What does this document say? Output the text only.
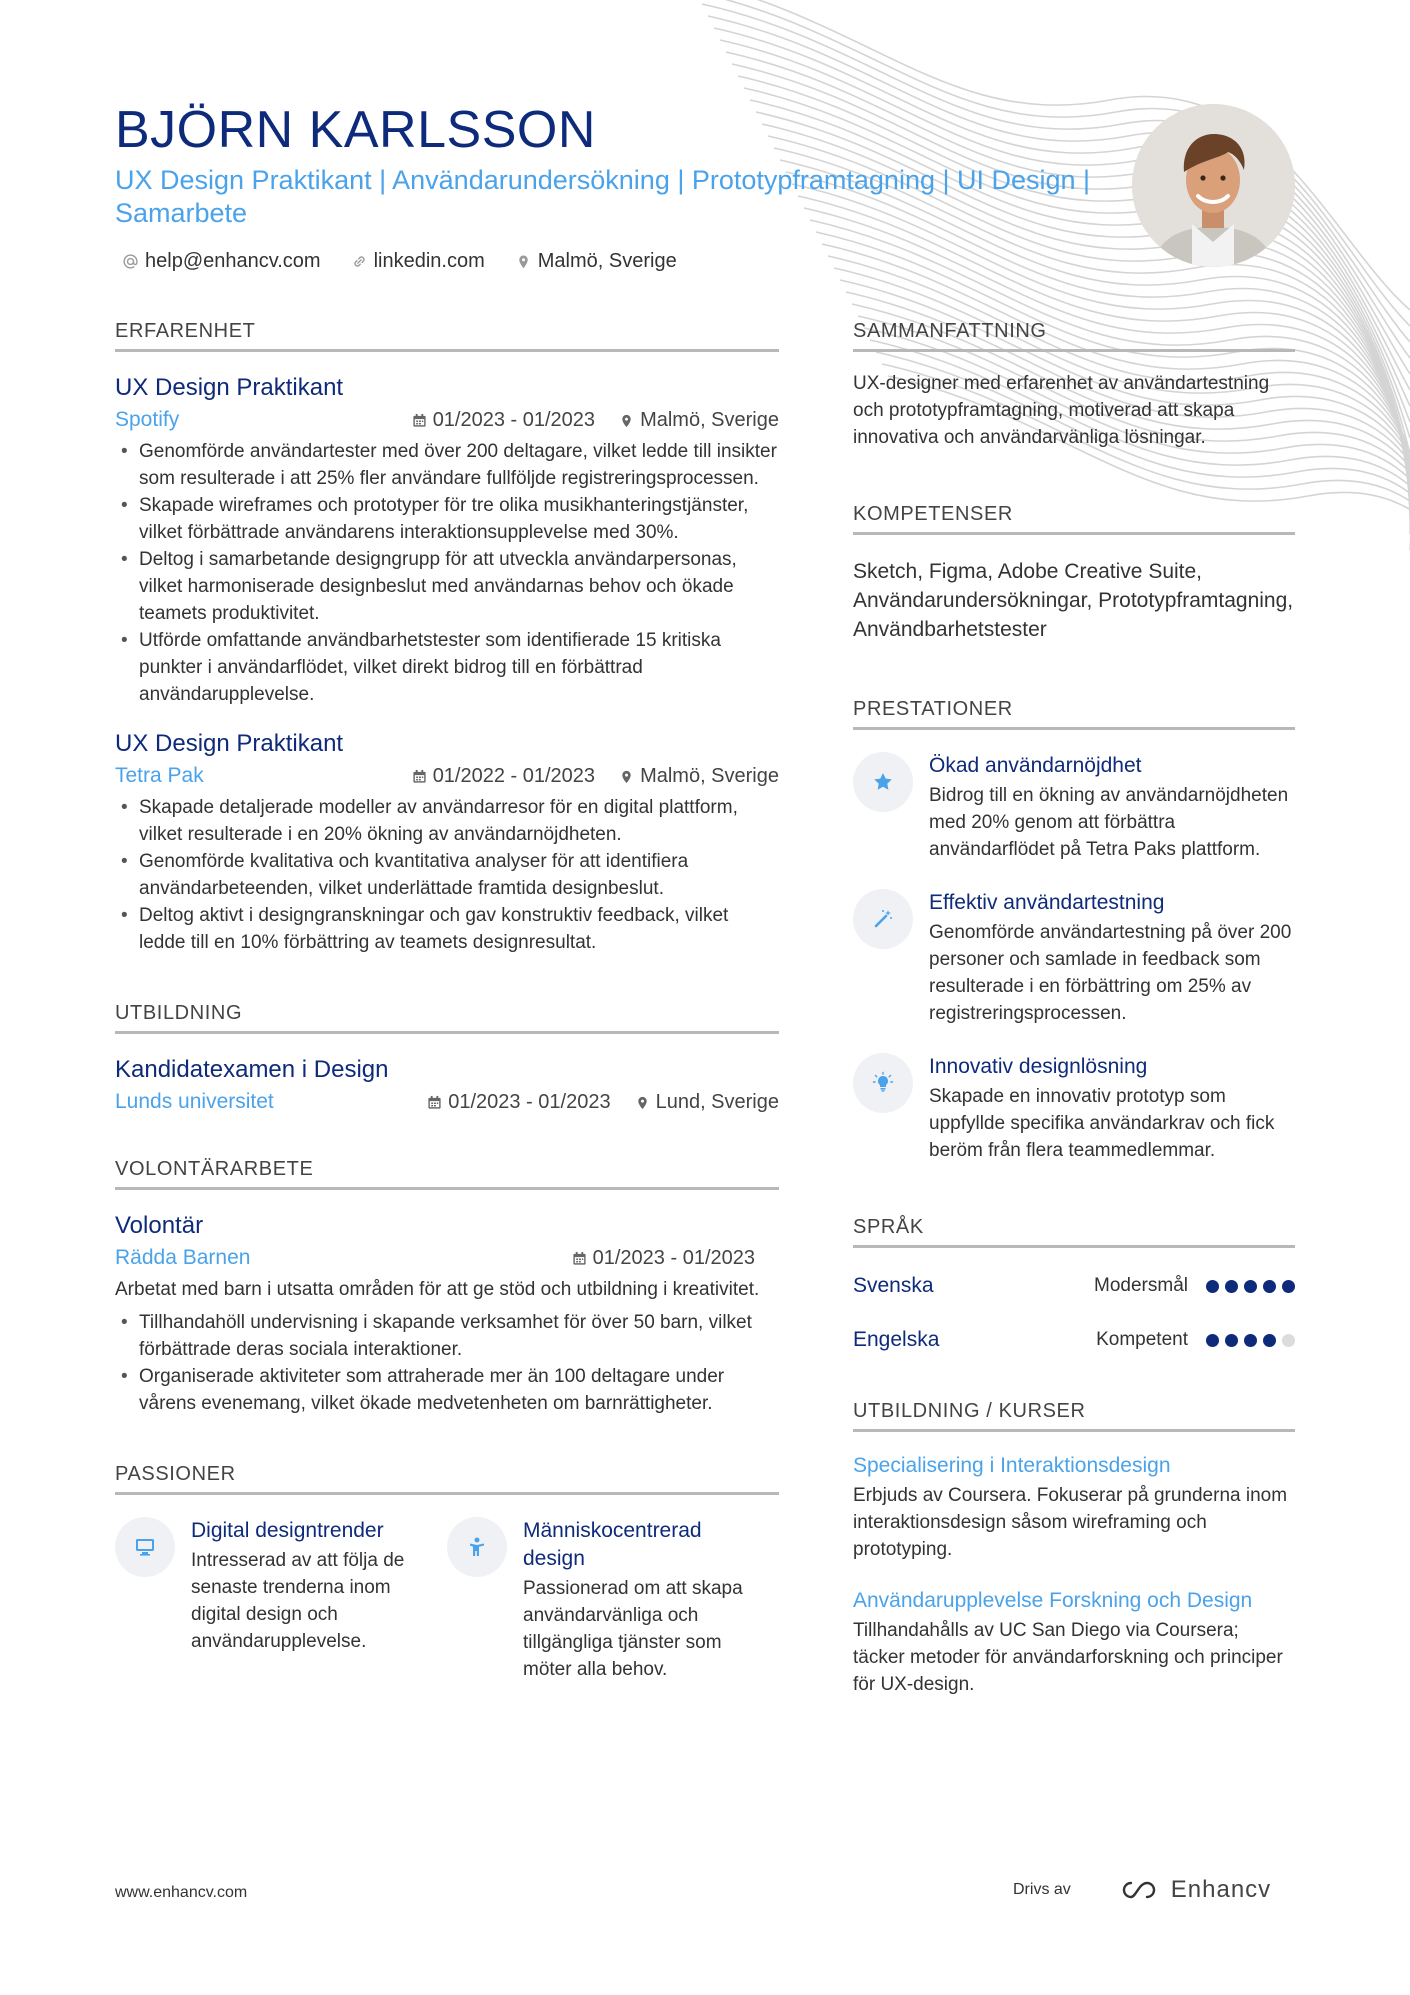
BJÖRN KARLSSON
UX Design Praktikant | Användarundersökning | Prototypframtagning | UI Design | Samarbete
help@enhancv.com	linkedin.com	Malmö, Sverige
ERFARENHET
UX Design Praktikant
Spotify	01/2023 - 01/2023 Malmö, Sverige
• Genomförde användartester med över 200 deltagare, vilket ledde till insikter som resulterade i att 25% fler användare fullföljde registreringsprocessen.
• Skapade wireframes och prototyper för tre olika musikhanteringstjänster, vilket förbättrade användarens interaktionsupplevelse med 30%.
• Deltog i samarbetande designgrupp för att utveckla användarpersonas, vilket harmoniserade designbeslut med användarnas behov och ökade teamets produktivitet.
• Utförde omfattande användbarhetstester som identifierade 15 kritiska punkter i användarflödet, vilket direkt bidrog till en förbättrad användarupplevelse.
UX Design Praktikant
Tetra Pak	01/2022 - 01/2023 Malmö, Sverige
• Skapade detaljerade modeller av användarresor för en digital plattform, vilket resulterade i en 20% ökning av användarnöjdheten.
• Genomförde kvalitativa och kvantitativa analyser för att identifiera användarbeteenden, vilket underlättade framtida designbeslut.
• Deltog aktivt i designgranskningar och gav konstruktiv feedback, vilket ledde till en 10% förbättring av teamets designresultat.
UTBILDNING
Kandidatexamen i Design
Lunds universitet	01/2023 - 01/2023 Lund, Sverige
VOLONTÄRARBETE
Volontär
Rädda Barnen	01/2023 - 01/2023
Arbetat med barn i utsatta områden för att ge stöd och utbildning i kreativitet.
• Tillhandahöll undervisning i skapande verksamhet för över 50 barn, vilket förbättrade deras sociala interaktioner.
• Organiserade aktiviteter som attraherade mer än 100 deltagare under vårens evenemang, vilket ökade medvetenheten om barnrättigheter.
PASSIONER
Digital designtrender
Intresserad av att följa de senaste trenderna inom digital design och användarupplevelse.
Människocentrerad design
Passionerad om att skapa användarvänliga och tillgängliga tjänster som möter alla behov.
SAMMANFATTNING
UX-designer med erfarenhet av användartestning och prototypframtagning, motiverad att skapa innovativa och användarvänliga lösningar.
KOMPETENSER
Sketch, Figma, Adobe Creative Suite, Användarundersökningar, Prototypframtagning, Användbarhetstester
PRESTATIONER
Ökad användarnöjdhet
Bidrog till en ökning av användarnöjdheten med 20% genom att förbättra användarflödet på Tetra Paks plattform.
Effektiv användartestning
Genomförde användartestning på över 200 personer och samlade in feedback som resulterade i en förbättring om 25% av registreringsprocessen.
Innovativ designlösning
Skapade en innovativ prototyp som uppfyllde specifika användarkrav och fick beröm från flera teammedlemmar.
SPRÅK
Svenska	Modersmål
Engelska	Kompetent
UTBILDNING / KURSER
Specialisering i Interaktionsdesign
Erbjuds av Coursera. Fokuserar på grunderna inom interaktionsdesign såsom wireframing och prototyping.
Användarupplevelse Forskning och Design
Tillhandahålls av UC San Diego via Coursera; täcker metoder för användarforskning och principer för UX-design.
www.enhancv.com	Drivs av	Enhancv
